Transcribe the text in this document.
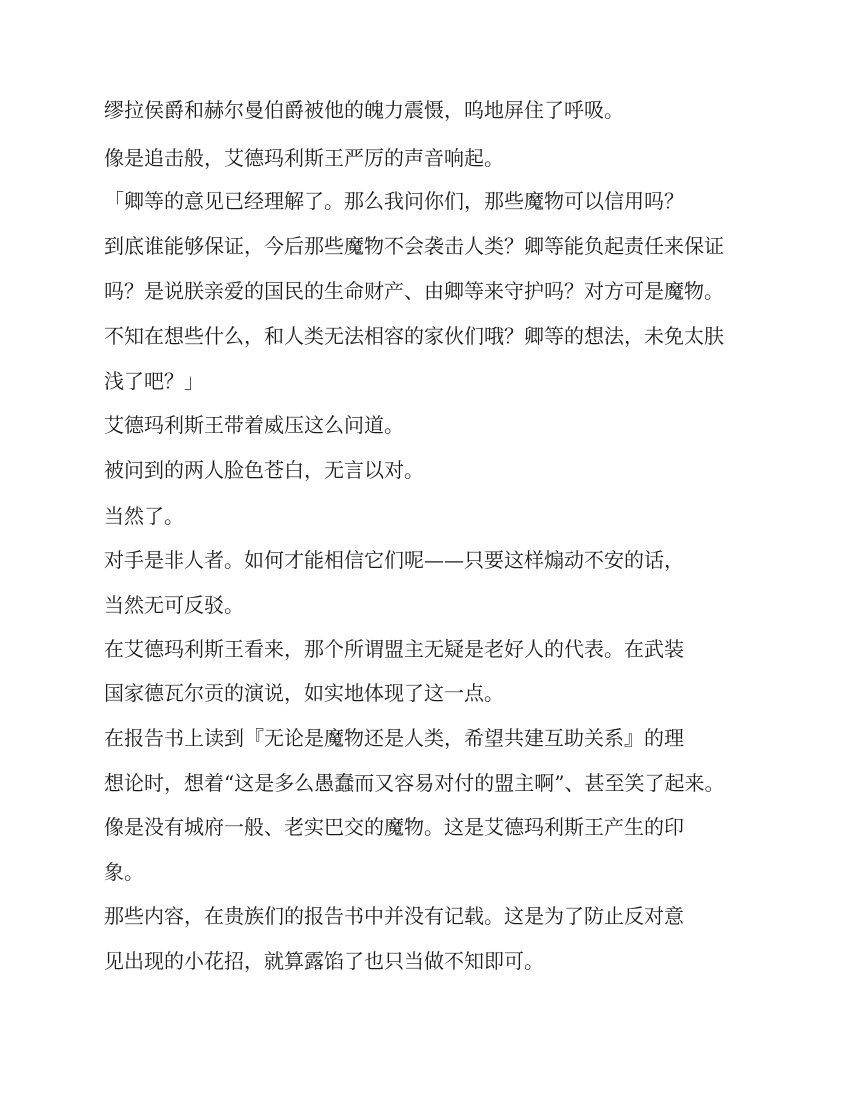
缪拉侯爵和赫尔曼伯爵被他的魄力震慑，呜地屏住了呼吸。

像是追击般，艾德玛利斯王严厉的声音响起。

「卿等的意见已经理解了。那么我问你们，那些魔物可以信用吗？

到底谁能够保证，今后那些魔物不会袭击人类？卿等能负起责任来保证

吗？是说朕亲爱的国民的生命财产、由卿等来守护吗？对方可是魔物。

不知在想些什么，和人类无法相容的家伙们哦？卿等的想法，未免太肤

浅了吧？」

艾德玛利斯王带着威压这么问道。

被问到的两人脸色苍白，无言以对。

当然了。

对手是非人者。如何才能相信它们呢——只要这样煽动不安的话，

当然无可反驳。

在艾德玛利斯王看来，那个所谓盟主无疑是老好人的代表。在武装

国家德瓦尔贡的演说，如实地体现了这一点。

在报告书上读到『无论是魔物还是人类，希望共建互助关系』的理

想论时，想着“这是多么愚蠢而又容易对付的盟主啊”、甚至笑了起来。

像是没有城府一般、老实巴交的魔物。这是艾德玛利斯王产生的印

象。

那些内容，在贵族们的报告书中并没有记载。这是为了防止反对意

见出现的小花招，就算露馅了也只当做不知即可。
